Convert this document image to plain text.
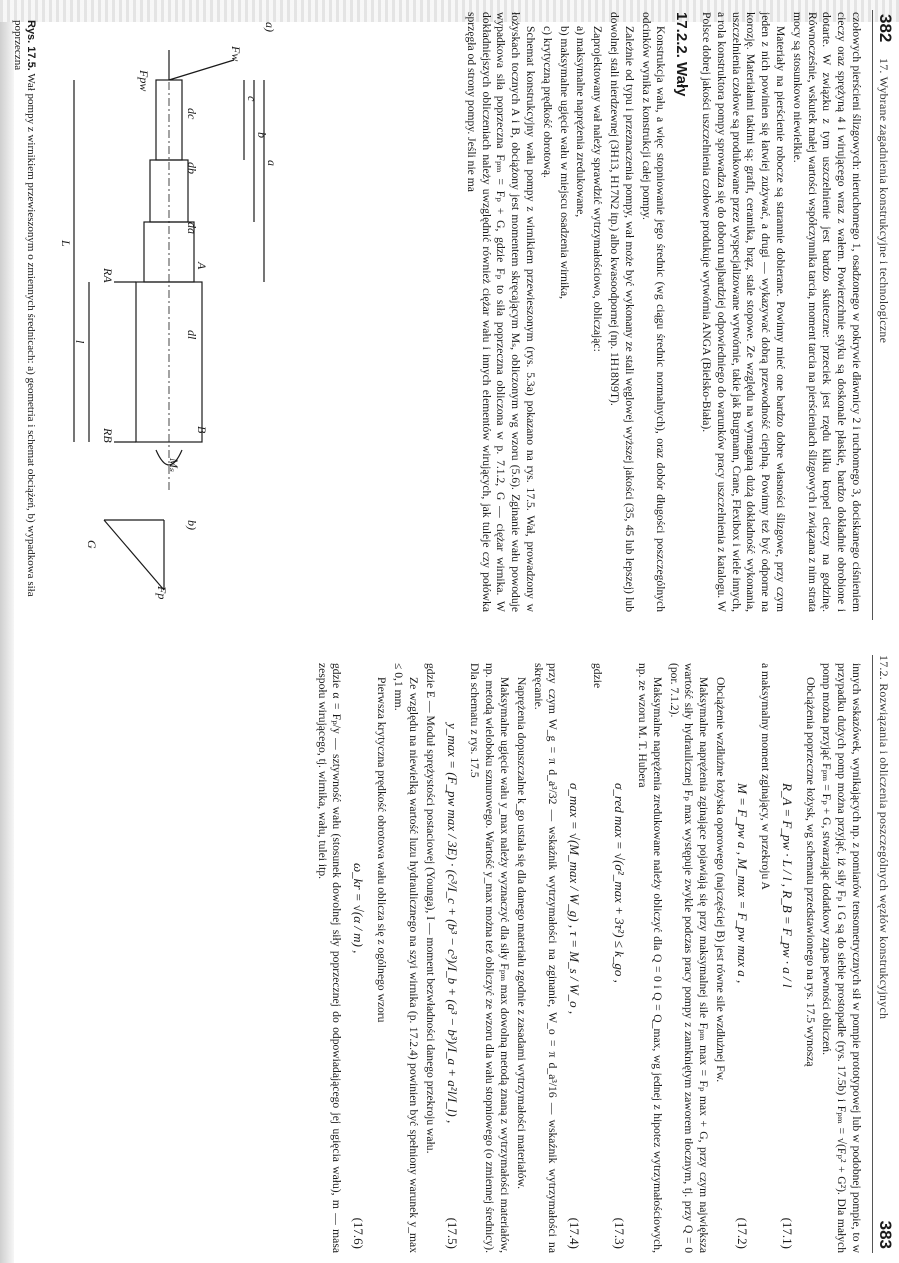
382
17. Wybrane zagadnienia konstrukcyjne i technologiczne

czołowych pierścieni ślizgowych: nieruchomego 1, osadzonego w pokrywie dławnicy 2 i ruchomego 3, dociskanego ciśnieniem cieczy oraz sprężyną 4 i wirującego wraz z wałem. Powierzchnie styku są doskonale płaskie, bardzo dokładnie obrobione i dotarte. W związku z tym uszczelnienie jest bardzo skuteczne: przeciek jest rzędu kilku kropel cieczy na godzinę. Równocześnie, wskutek małej wartości współczynnika tarcia, moment tarcia na pierścieniach ślizgowych i związana z nim strata mocy są stosunkowo niewielkie.

Materiały na pierścienie robocze są starannie dobierane. Powinny mieć one bardzo dobre własności ślizgowe, przy czym jeden z nich powinien się łatwiej zużywać, a drugi — wykazywać dobrą przewodność cieplną. Powinny też być odporne na korozję. Materiałami takimi są: grafit, ceramika, brąz, stale stopowe. Ze względu na wymaganą dużą dokładność wykonania, uszczelnienia czołowe są produkowane przez wyspecjalizowane wytwórnie, takie jak Burgmann, Crane, Flexibox i wiele innych, a rola konstruktora pompy sprowadza się do doboru najbardziej odpowiedniego do warunków pracy uszczelnienia z katalogu. W Polsce dobrej jakości uszczelnienia czołowe produkuje wytwórnia ANGA (Bielsko-Biała).

17.2.2. Wały

Konstrukcja wału, a więc stopniowanie jego średnic (wg ciągu średnic normalnych), oraz dobór długości poszczególnych odcinków wynika z konstrukcji całej pompy.

Zależnie od typu i przeznaczenia pompy, wał może być wykonany ze stali węglowej wyższej jakości (35, 45 lub lepszej) lub dowolnej stali nierdzewnej (3H13, H17N2 itp.) albo kwasoodpornej (np. 1H18N9T).

Zaprojektowany wał należy sprawdzić wytrzymałościowo, obliczając:

a) maksymalne naprężenia zredukowane,

b) maksymalne ugięcie wału w miejscu osadzenia wirnika,

c) krytyczną prędkość obrotową.

Schemat konstrukcyjny wału pompy z wirnikiem przewieszonym (rys. 5.3a) pokazano na rys. 17.5. Wał, prowadzony w łożyskach tocznych A i B, obciążony jest momentem skręcającym Mₛ, obliczonym wg wzoru (5.6). Zginanie wału powoduje wypadkowa siła poprzeczna Fₚₘ = Fₚ + G, gdzie Fₚ to siła poprzeczna obliczona w p. 7.1.2, G — ciężar wirnika. W dokładniejszych obliczeniach należy uwzględnić również ciężar wału i innych elementów wirujących, jak tuleje czy połówka sprzęgła od strony pompy. Jeśli nie ma

a)
b)
Fw
Fpw
dc
db
da
dl
RA
RB
A
B
c
b
a
l
L
Mₛ
G
Fp
Rys. 17.5. Wał pompy z wirnikiem przewieszonym o zmiennych średnicach: a) geometria i schemat obciążeń, b) wypadkowa siła poprzeczna
17.2. Rozwiązania i obliczenia poszczególnych węzłów konstrukcyjnych
383

innych wskazówek, wynikających np. z pomiarów tensometrycznych sił w pompie prototypowej lub w podobnej pompie, to w przypadku dużych pomp można przyjąć, iż siły Fₚ i G są do siebie prostopadłe (rys. 17.5b) i Fₚₘ = √(Fₚ² + G²). Dla małych pomp można przyjąć Fₚₘ = Fₚ + G, stwarzając dodatkowy zapas pewności obliczeń.

Obciążenia poprzeczne łożysk, wg schematu przedstawionego na rys. 17.5 wynoszą

R_A = F_pw · L / l , R_B = F_pw · a / l
(17.1)

a maksymalny moment zginający, w przekroju A

M = F_pw a , M_max = F_pw max a ,
(17.2)

Obciążenie wzdłużne łożyska oporowego (najczęściej B) jest równe sile wzdłużnej Fw.

Maksymalne naprężenia zginające pojawiają się przy maksymalnej sile Fₚₘ max = Fₚ max + G, przy czym największa wartość siły hydraulicznej Fₚ max występuje zwykle podczas pracy pompy z zamkniętym zaworem tłocznym, tj. przy Q = 0 (por. 7.1.2).

Maksymalne naprężenia zredukowane należy obliczyć dla Q = 0 i Q = Q_max, wg jednej z hipotez wytrzymałościowych, np. ze wzoru M. T. Hubera

σ_red max = √(σ²_max + 3τ²) ≤ k_go ,
(17.3)

gdzie

σ_max = √(M_max / W_g) , τ = M_s / W_o ,
(17.4)

przy czym W_g = π d_a³/32 — wskaźnik wytrzymałości na zginanie, W_o = π d_a³/16 — wskaźnik wytrzymałości na skręcanie.

Naprężenia dopuszczalne k_go ustala się dla danego materiału zgodnie z zasadami wytrzymałości materiałów.

Maksymalne ugięcie wału y_max należy wyznaczyć dla siły Fₚₘ max dowolną metodą znaną z wytrzymałości materiałów, np. metodą wieloboku sznurowego. Wartość y_max można też obliczyć ze wzoru dla wału stopniowego (o zmiennej średnicy). Dla schematu z rys. 17.5

y_max = (F_pw max / 3E) · (c³/I_c + (b³ − c³)/I_b + (a³ − b³)/I_a + a²l/I_l) ,
(17.5)

gdzie E — Moduł sprężystości postaciowej (Younga), I — moment bezwładności danego przekroju wału.

Ze względu na niewielką wartość luzu hydraulicznego na szyi wirnika (p. 17.2.4) powinien być spełniony warunek y_max ≤ 0,1 mm.

Pierwsza krytyczna prędkość obrotowa wału oblicza się z ogólnego wzoru

ω_kr = √(α / m) ,
(17.6)

gdzie α = Fₚ/y — sztywność wału (stosunek dowolnej siły poprzecznej do odpowiadającego jej ugięcia wału), m — masa zespołu wirującego, tj. wirnika, wału, tulei itp.
